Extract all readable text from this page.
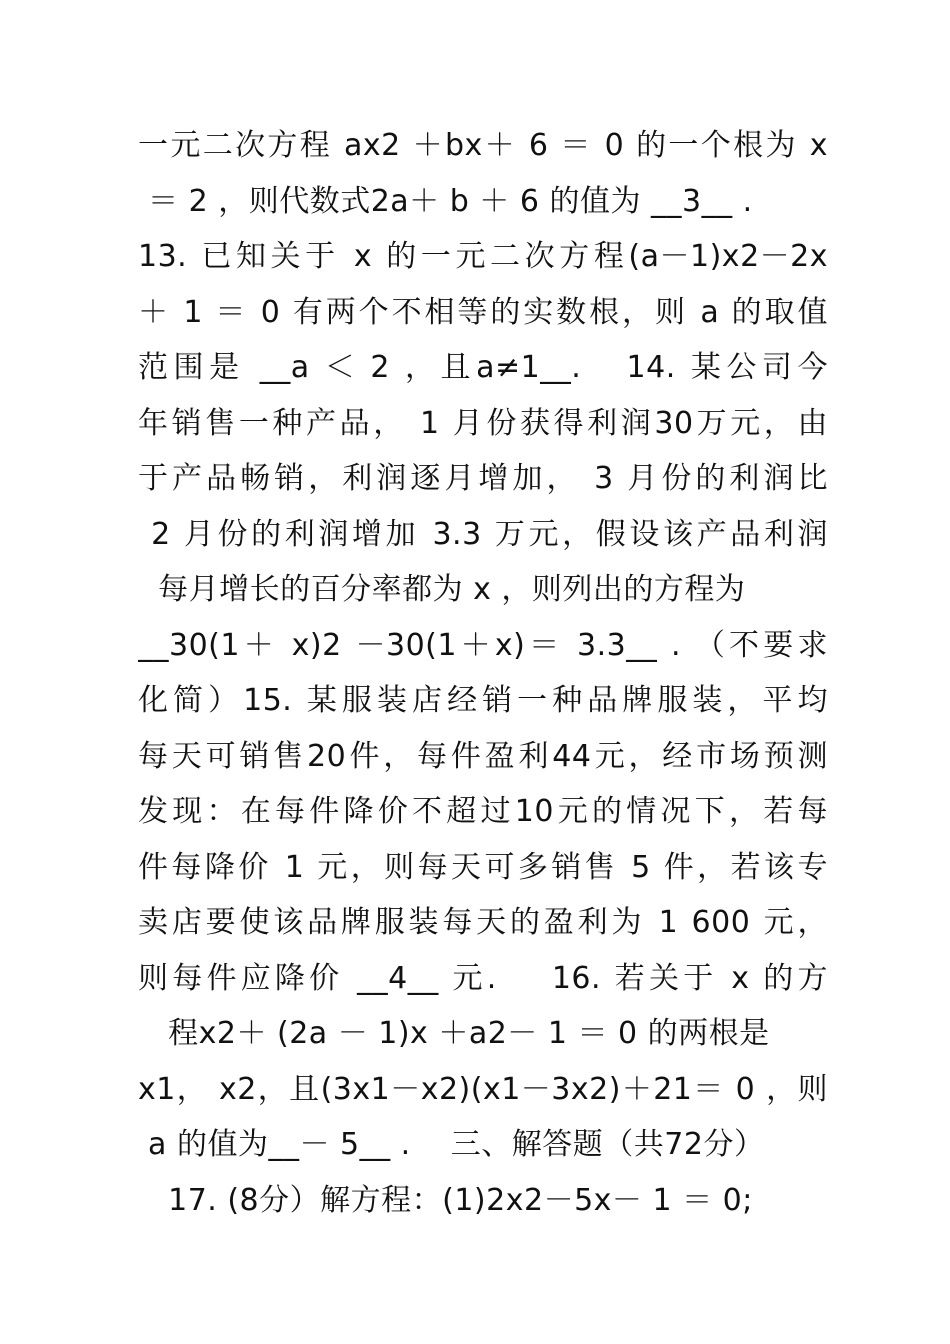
一元二次方程 ax2 ＋bx＋ 6 ＝ 0 的一个根为 x
＝ 2 ，则代数式2a＋ b ＋ 6 的值为 __3__ .
13. 已知关于 x 的一元二次方程(a－1)x2－2x
＋ 1 ＝ 0 有两个不相等的实数根，则 a 的取值
范围是 __a ＜ 2 ，且a≠1__.   14. 某公司今
年销售一种产品， 1 月份获得利润30万元，由
于产品畅销，利润逐月增加， 3 月份的利润比
2 月份的利润增加 3.3 万元，假设该产品利润
每月增长的百分率都为 x ，则列出的方程为
__30(1＋ x)2 －30(1＋x)＝ 3.3__ . （不要求
化简）15. 某服装店经销一种品牌服装，平均
每天可销售20件，每件盈利44元，经市场预测
发现：在每件降价不超过10元的情况下，若每
件每降价 1 元，则每天可多销售 5 件，若该专
卖店要使该品牌服装每天的盈利为 1 600 元，
则每件应降价 __4__ 元.    16. 若关于 x 的方
程x2＋ (2a － 1)x ＋a2－ 1 ＝ 0 的两根是
x1， x2，且(3x1－x2)(x1－3x2)＋21＝ 0 ，则
a 的值为__－ 5__ .    三、解答题（共72分）
17. (8分）解方程：(1)2x2－5x－ 1 ＝ 0;
